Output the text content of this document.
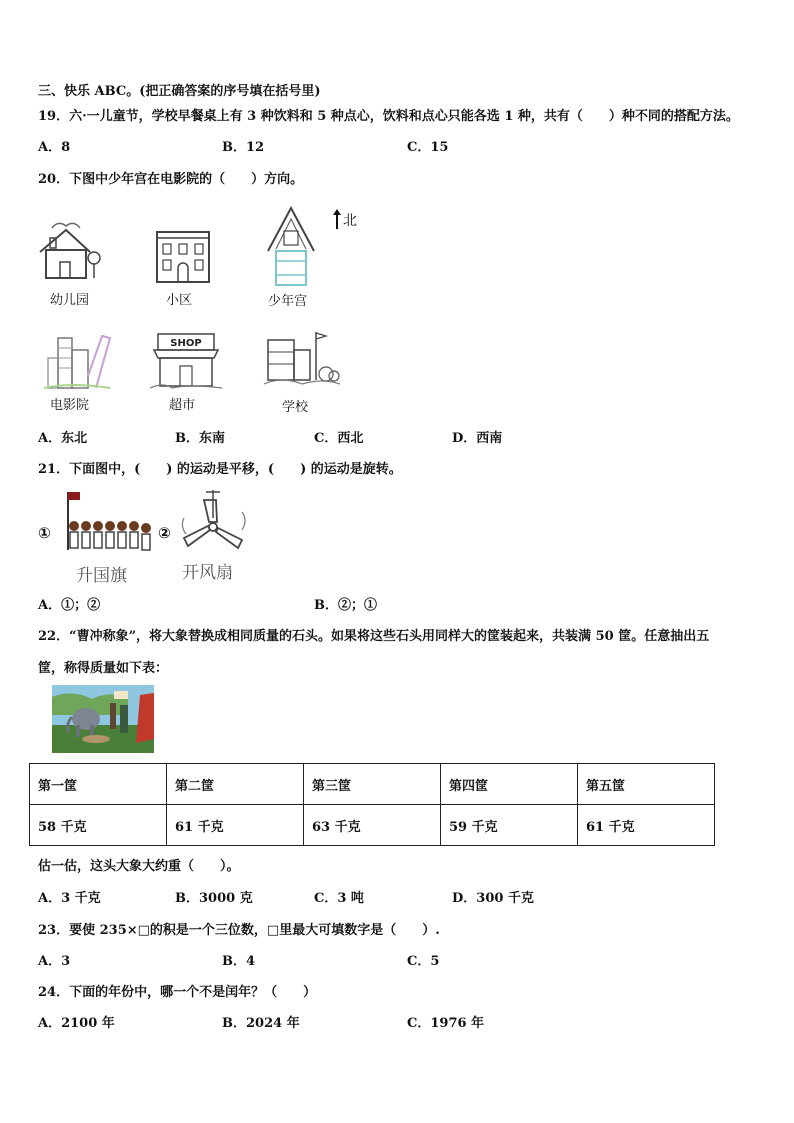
三、快乐 ABC。(把正确答案的序号填在括号里)
19．六·一儿童节，学校早餐桌上有 3 种饮料和 5 种点心，饮料和点心只能各选 1 种，共有（　　）种不同的搭配方法。
A．8	B．12	C．15
20．下图中少年宫在电影院的（　　）方向。
幼儿园	小区	少年宫
北
电影院
SHOP
超市	学校
A．东北	B．东南	C．西北	D．西南
21．下面图中，(　　) 的运动是平移，(　　) 的运动是旋转。
①
升国旗
②
开风扇
A．①；②	B．②；①
22．“曹冲称象”，将大象替换成相同质量的石头。如果将这些石头用同样大的筐装起来，共装满 50 筐。任意抽出五
筐，称得质量如下表：
第一筐	第二筐	第三筐	第四筐	第五筐
58 千克	61 千克	63 千克	59 千克	61 千克
估一估，这头大象大约重（　　）。
A．3 千克	B．3000 克	C．3 吨	D．300 千克
23．要使 235×□的积是一个三位数，□里最大可填数字是（　　）.
A．3	B．4	C．5
24．下面的年份中，哪一个不是闰年？（　　）
A．2100 年	B．2024 年	C．1976 年
